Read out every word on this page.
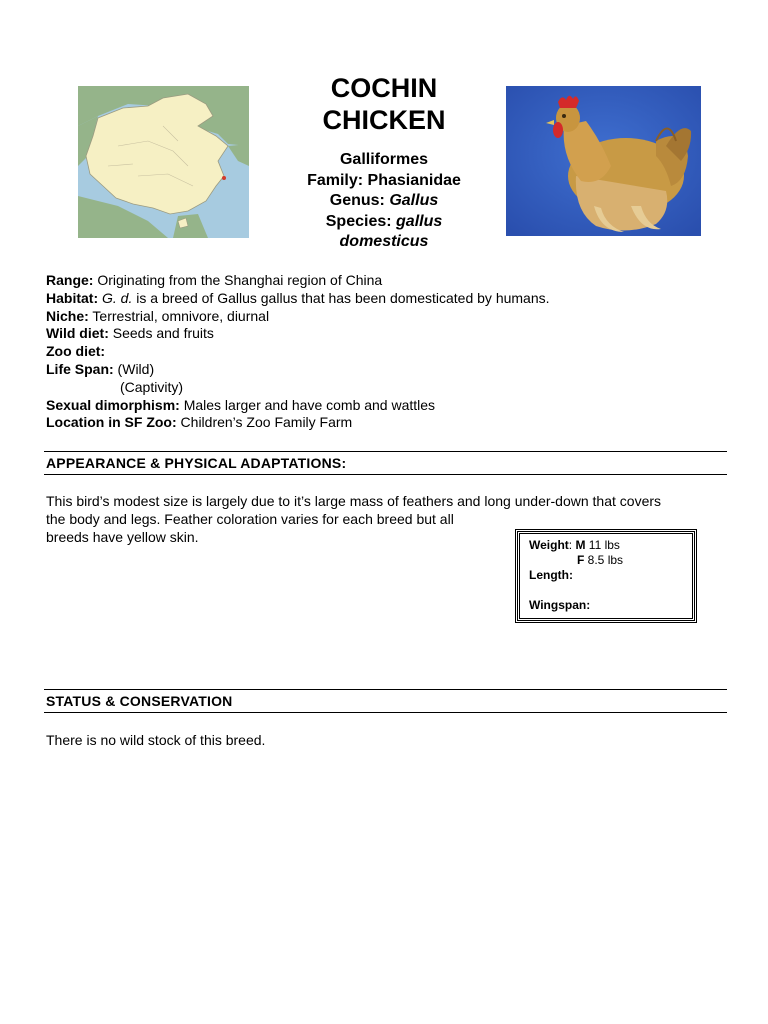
COCHIN
CHICKEN
Galliformes
Family: Phasianidae
Genus: Gallus
Species: gallus
domesticus
Range: Originating from the Shanghai region of China
Habitat: G. d. is a breed of Gallus gallus that has been domesticated by humans.
Niche: Terrestrial, omnivore, diurnal
Wild diet: Seeds and fruits
Zoo diet:
Life Span: (Wild)
(Captivity)
Sexual dimorphism: Males larger and have comb and wattles
Location in SF Zoo: Children’s Zoo Family Farm
APPEARANCE & PHYSICAL ADAPTATIONS:
This bird’s modest size is largely due to it’s large mass of feathers and long under-down that covers
the body and legs. Feather coloration varies for each breed but all
breeds have yellow skin.	Weight: M 11 lbs
F 8.5 lbs
Length:
Wingspan:
STATUS & CONSERVATION
There is no wild stock of this breed.
